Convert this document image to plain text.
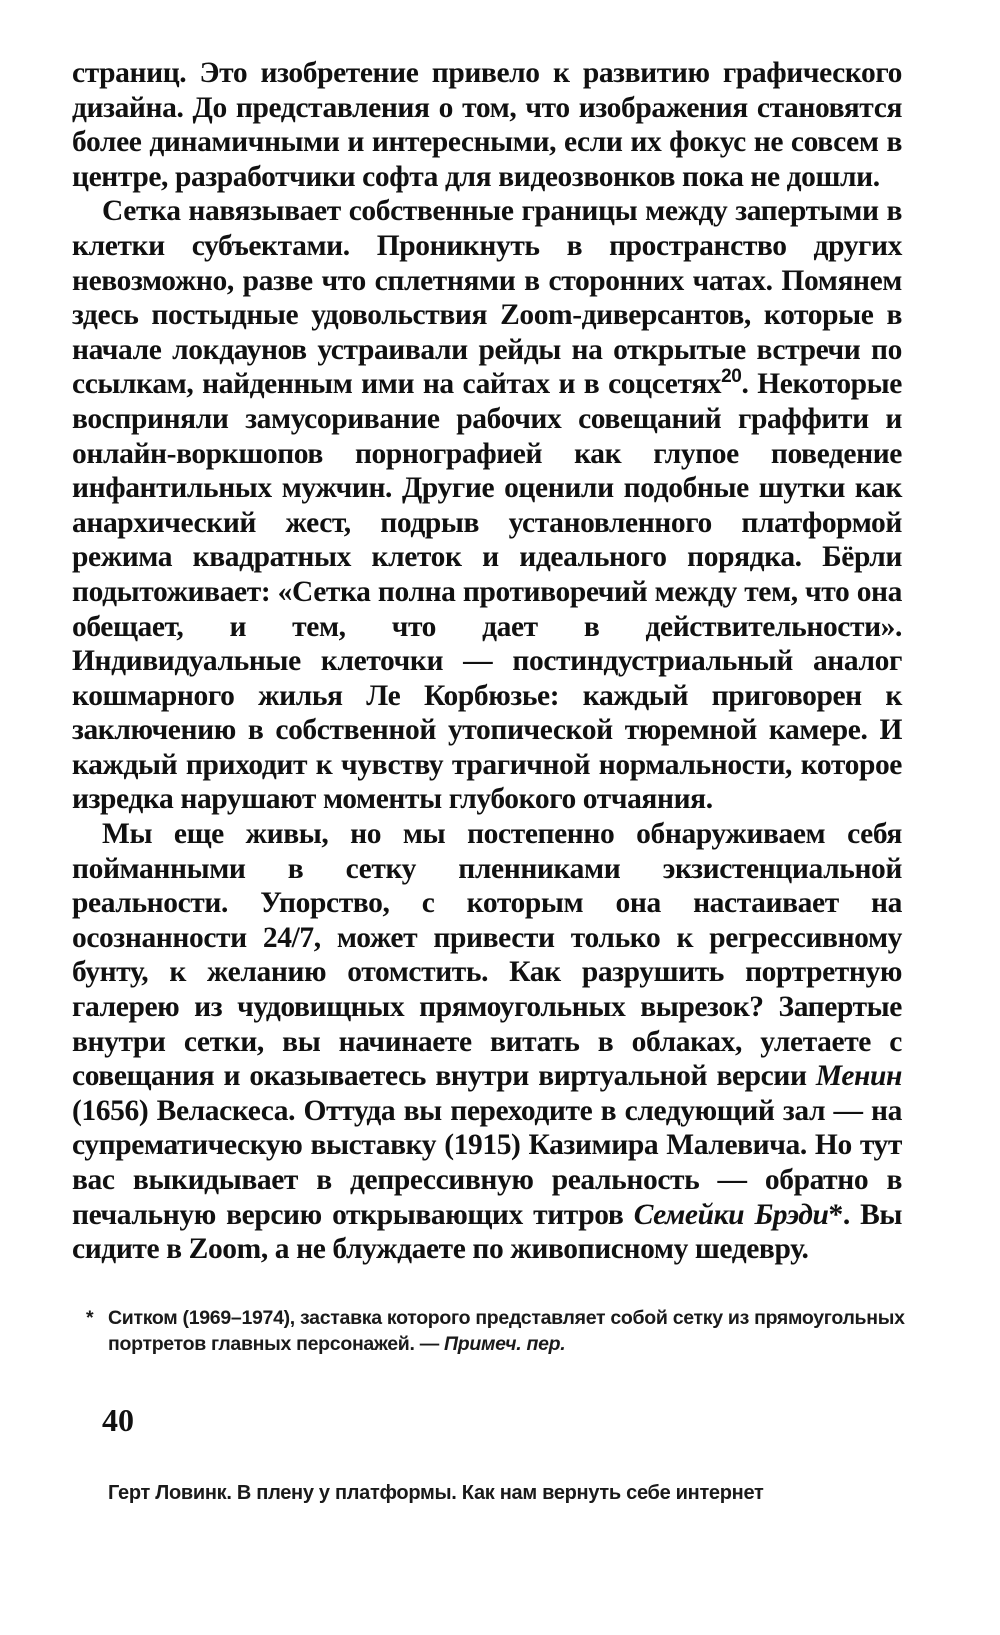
страниц. Это изобретение привело к развитию графического дизайна. До представления о том, что изображения становятся более динамичными и интересными, если их фокус не совсем в центре, разработчики софта для видеозвонков пока не дошли.

Сетка навязывает собственные границы между запертыми в клетки субъектами. Проникнуть в пространство других невозможно, разве что сплетнями в сторонних чатах. Помянем здесь постыдные удовольствия Zoom-диверсантов, которые в начале локдаунов устраивали рейды на открытые встречи по ссылкам, найденным ими на сайтах и в соцсетях$^{20}$. Некоторые восприняли замусоривание рабочих совещаний граффити и онлайн-воркшопов порнографией как глупое поведение инфантильных мужчин. Другие оценили подобные шутки как анархический жест, подрыв установленного платформой режима квадратных клеток и идеального порядка. Бёрли подытоживает: «Сетка полна противоречий между тем, что она обещает, и тем, что дает в действительности». Индивидуальные клеточки — постиндустриальный аналог кошмарного жилья Ле Корбюзье: каждый приговорен к заключению в собственной утопической тюремной камере. И каждый приходит к чувству трагичной нормальности, которое изредка нарушают моменты глубокого отчаяния.

Мы еще живы, но мы постепенно обнаруживаем себя пойманными в сетку пленниками экзистенциальной реальности. Упорство, с которым она настаивает на осознанности 24/7, может привести только к регрессивному бунту, к желанию отомстить. Как разрушить портретную галерею из чудовищных прямоугольных вырезок? Запертые внутри сетки, вы начинаете витать в облаках, улетаете с совещания и оказываетесь внутри виртуальной версии Менин (1656) Веласкеса. Оттуда вы переходите в следующий зал — на супрематическую выставку (1915) Казимира Малевича. Но тут вас выкидывает в депрессивную реальность — обратно в печальную версию открывающих титров Семейки Брэди*. Вы сидите в Zoom, а не блуждаете по живописному шедевру.

* Ситком (1969–1974), заставка которого представляет собой сетку из прямоугольных портретов главных персонажей. — Примеч. пер.
40
Герт Ловинк. В плену у платформы. Как нам вернуть себе интернет
